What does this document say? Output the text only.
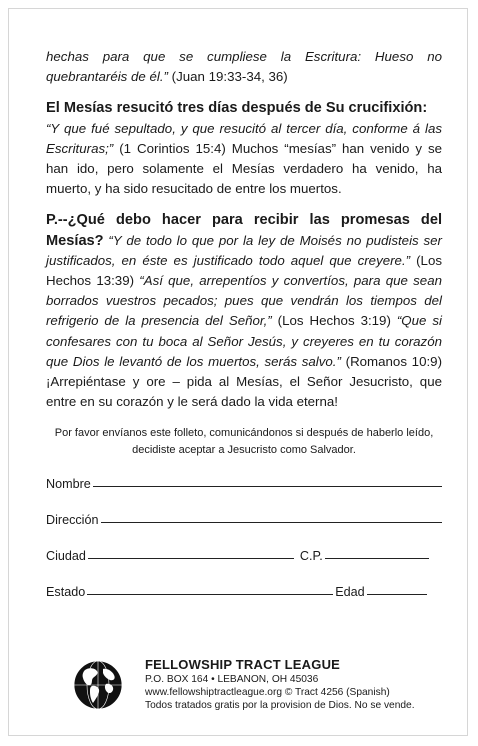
hechas para que se cumpliese la Escritura: Hueso no quebrantaréis de él.” (Juan 19:33-34, 36)

El Mesías resucitó tres días después de Su crucifixión:
“Y que fué sepultado, y que resucitó al tercer día, conforme á las Escrituras;” (1 Corintios 15:4) Muchos “mesías” han venido y se han ido, pero solamente el Mesías verdadero ha venido, ha muerto, y ha sido resucitado de entre los muertos.

P.--¿Qué debo hacer para recibir las promesas del Mesías? “Y de todo lo que por la ley de Moisés no pudisteis ser justificados, en éste es justificado todo aquel que creyere.” (Los Hechos 13:39) “Así que, arrepentíos y convertíos, para que sean borrados vuestros pecados; pues que vendrán los tiempos del refrigerio de la presencia del Señor,” (Los Hechos 3:19) “Que si confesares con tu boca al Señor Jesús, y creyeres en tu corazón que Dios le levantó de los muertos, serás salvo.” (Romanos 10:9) ¡Arrepiéntase y ore – pida al Mesías, el Señor Jesucristo, que entre en su corazón y le será dado la vida eterna!

Por favor envíanos este folleto, comunicándonos si después de haberlo leído, decidiste aceptar a Jesucristo como Salvador.

Nombre
Dirección
Ciudad	C.P.
Estado	Edad
FELLOWSHIP TRACT LEAGUE
P.O. BOX 164 • LEBANON, OH 45036
www.fellowshiptractleague.org © Tract 4256 (Spanish)
Todos tratados gratis por la provision de Dios. No se vende.
